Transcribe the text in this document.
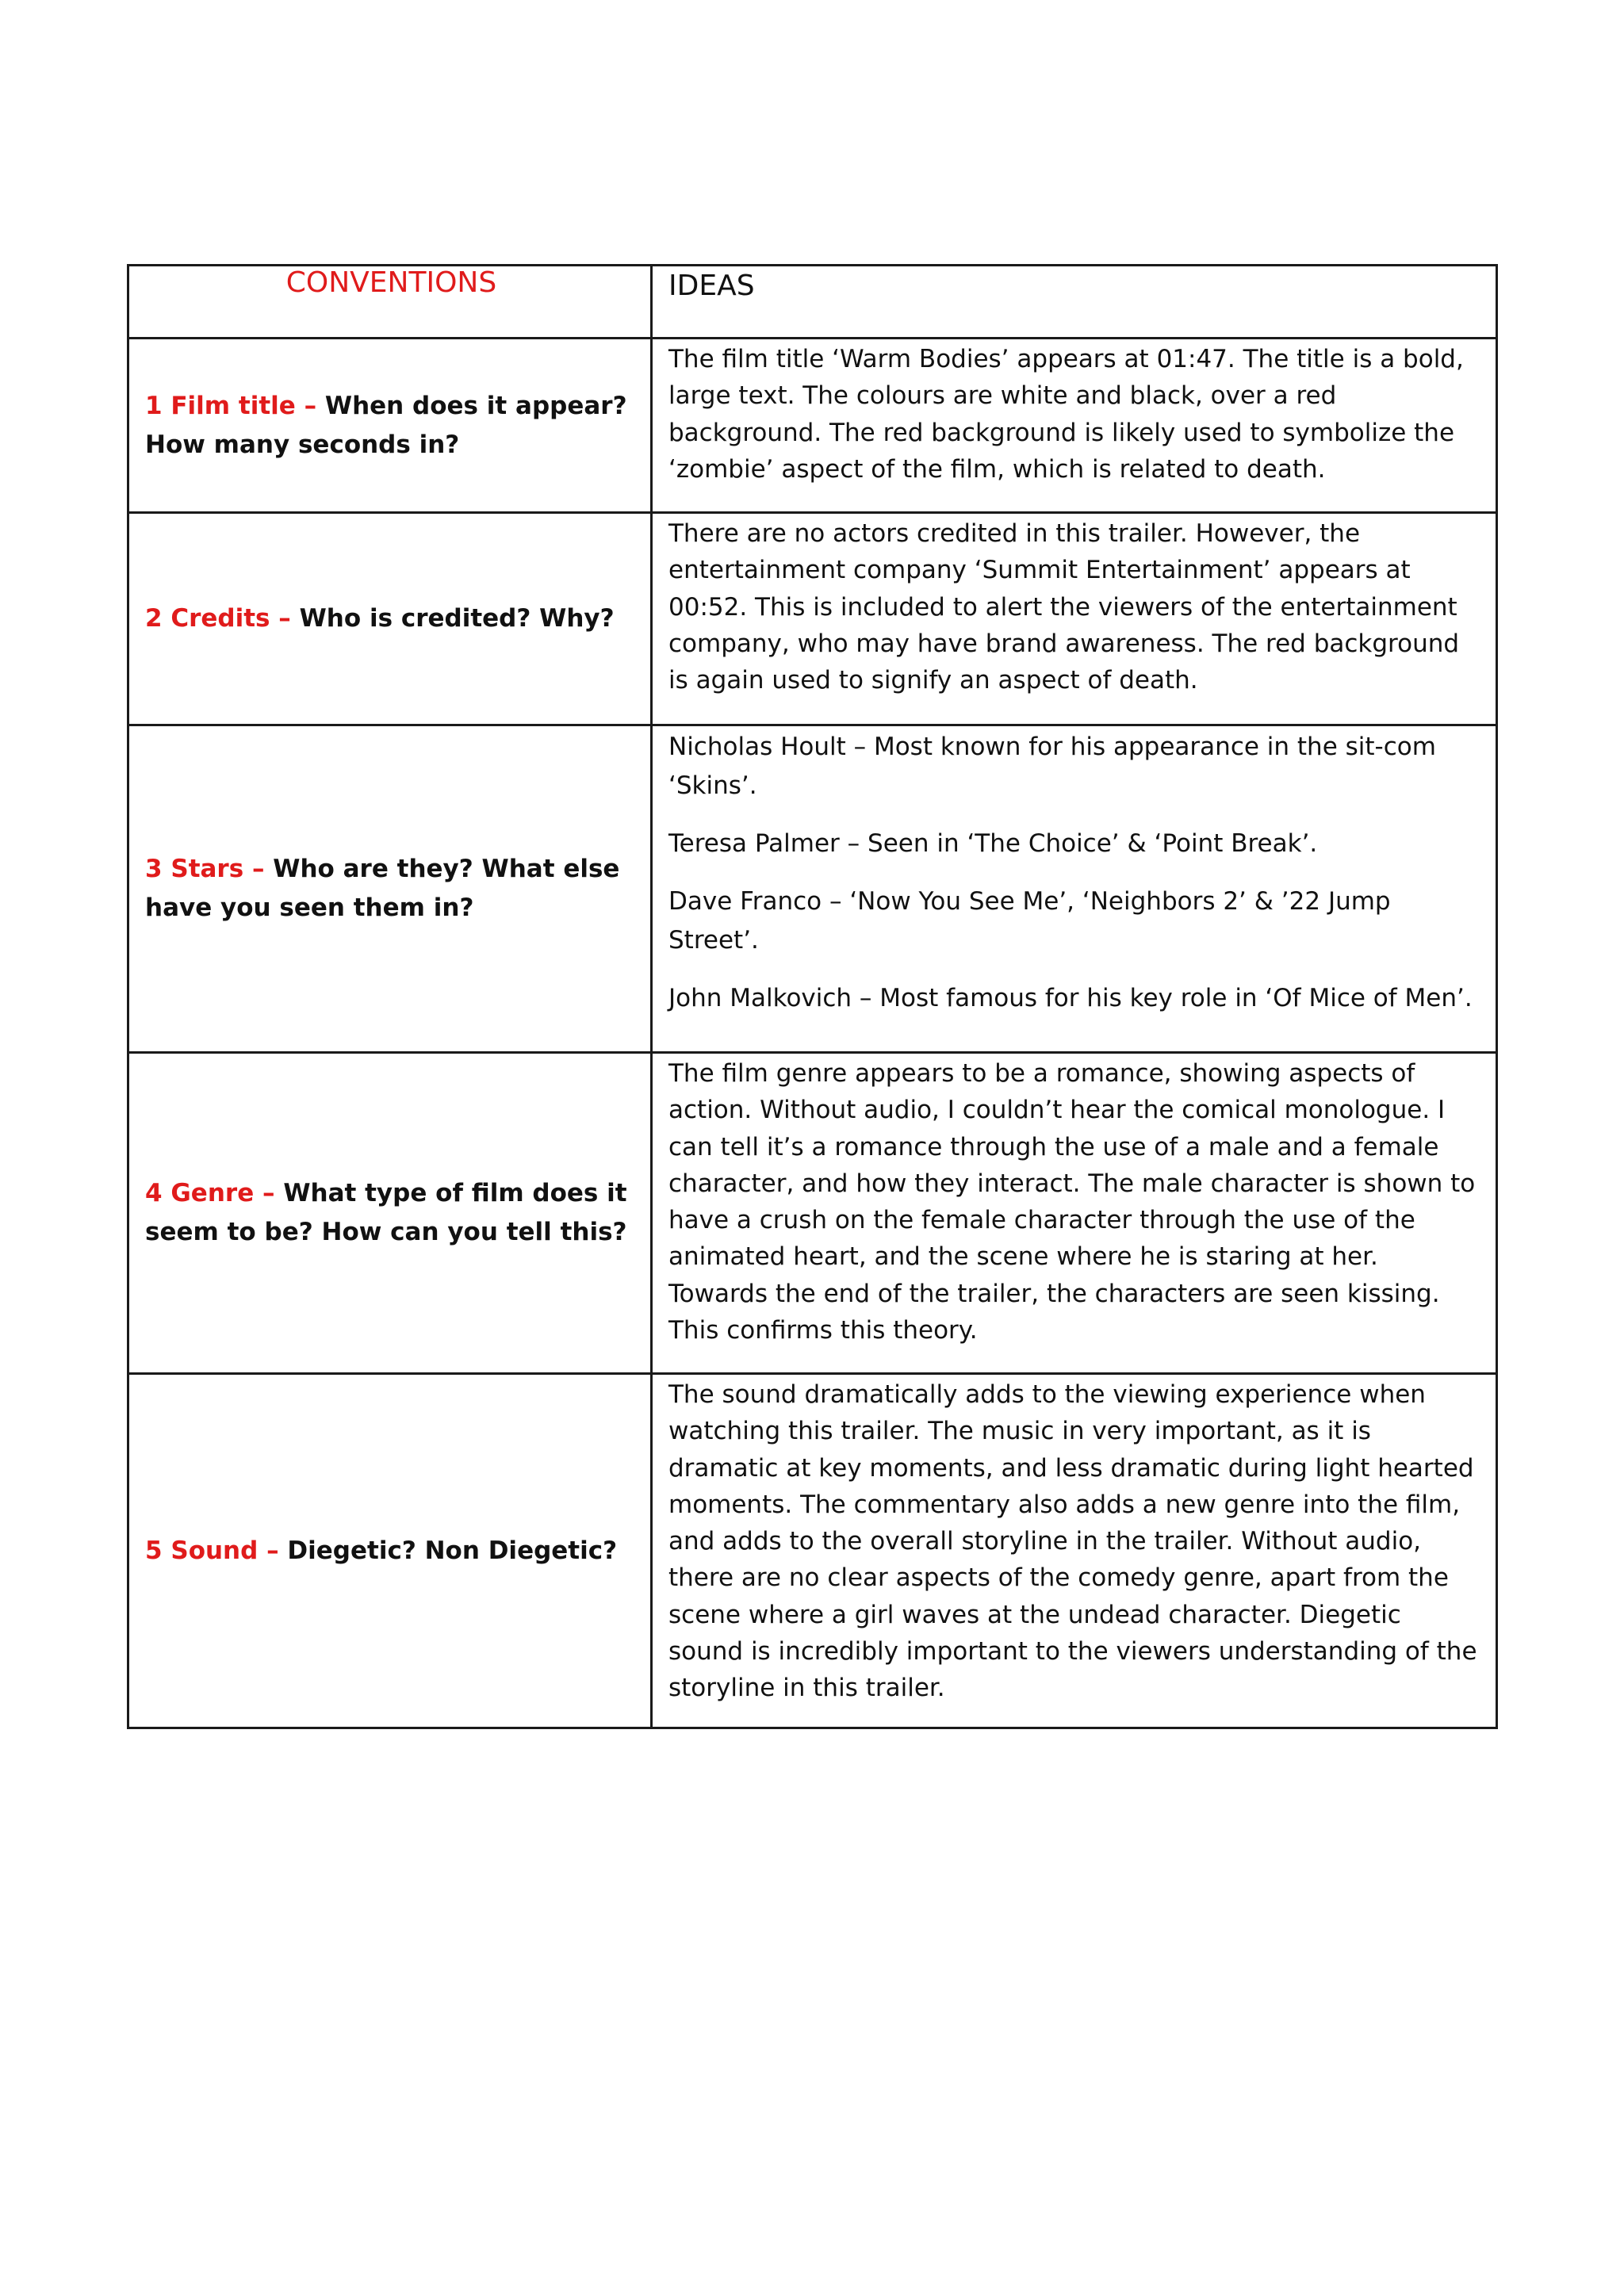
CONVENTIONS	IDEAS
1 Film title – When does it appear? How many seconds in?

The film title ‘Warm Bodies’ appears at 01:47. The title is a bold, large text. The colours are white and black, over a red background. The red background is likely used to symbolize the ‘zombie’ aspect of the film, which is related to death.

2 Credits – Who is credited? Why?

There are no actors credited in this trailer. However, the entertainment company ‘Summit Entertainment’ appears at 00:52. This is included to alert the viewers of the entertainment company, who may have brand awareness. The red background is again used to signify an aspect of death.

3 Stars – Who are they? What else have you seen them in?

Nicholas Hoult – Most known for his appearance in the sit-com ‘Skins’.

Teresa Palmer – Seen in ‘The Choice’ & ‘Point Break’.

Dave Franco – ‘Now You See Me’, ‘Neighbors 2’ & ’22 Jump Street’.

John Malkovich – Most famous for his key role in ‘Of Mice of Men’.

4 Genre – What type of film does it seem to be? How can you tell this?

The film genre appears to be a romance, showing aspects of action. Without audio, I couldn’t hear the comical monologue. I can tell it’s a romance through the use of a male and a female character, and how they interact. The male character is shown to have a crush on the female character through the use of the animated heart, and the scene where he is staring at her. Towards the end of the trailer, the characters are seen kissing. This confirms this theory.

5 Sound – Diegetic? Non Diegetic?

The sound dramatically adds to the viewing experience when watching this trailer. The music in very important, as it is dramatic at key moments, and less dramatic during light hearted moments. The commentary also adds a new genre into the film, and adds to the overall storyline in the trailer. Without audio, there are no clear aspects of the comedy genre, apart from the scene where a girl waves at the undead character. Diegetic sound is incredibly important to the viewers understanding of the storyline in this trailer.
